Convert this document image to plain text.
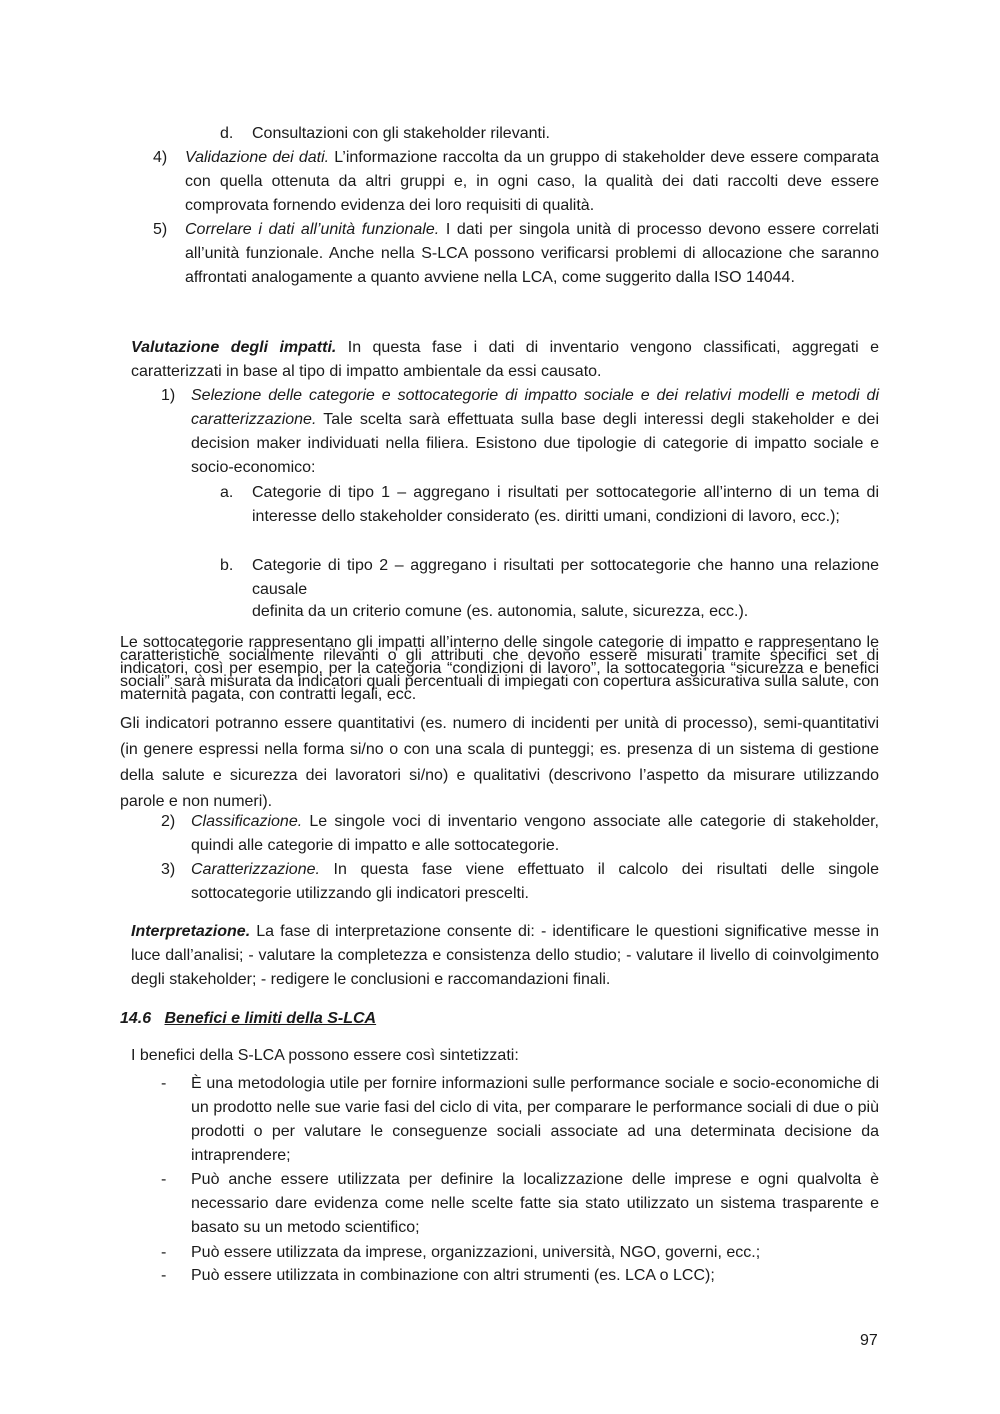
d. Consultazioni con gli stakeholder rilevanti.
4) Validazione dei dati. L’informazione raccolta da un gruppo di stakeholder deve essere comparata con quella ottenuta da altri gruppi e, in ogni caso, la qualità dei dati raccolti deve essere comprovata fornendo evidenza dei loro requisiti di qualità.
5) Correlare i dati all’unità funzionale. I dati per singola unità di processo devono essere correlati all’unità funzionale. Anche nella S-LCA possono verificarsi problemi di allocazione che saranno affrontati analogamente a quanto avviene nella LCA, come suggerito dalla ISO 14044.
Valutazione degli impatti. In questa fase i dati di inventario vengono classificati, aggregati e caratterizzati in base al tipo di impatto ambientale da essi causato.
1) Selezione delle categorie e sottocategorie di impatto sociale e dei relativi modelli e metodi di caratterizzazione. Tale scelta sarà effettuata sulla base degli interessi degli stakeholder e dei decision maker individuati nella filiera. Esistono due tipologie di categorie di impatto sociale e socio-economico:
a. Categorie di tipo 1 – aggregano i risultati per sottocategorie all’interno di un tema di interesse dello stakeholder considerato (es. diritti umani, condizioni di lavoro, ecc.);
b. Categorie di tipo 2 – aggregano i risultati per sottocategorie che hanno una relazione causale
definita da un criterio comune (es. autonomia, salute, sicurezza, ecc.).
Le sottocategorie rappresentano gli impatti all’interno delle singole categorie di impatto e rappresentano le caratteristiche socialmente rilevanti o gli attributi che devono essere misurati tramite specifici set di indicatori, così per esempio, per la categoria “condizioni di lavoro”, la sottocategoria “sicurezza e benefici sociali” sarà misurata da indicatori quali percentuali di impiegati con copertura assicurativa sulla salute, con maternità pagata, con contratti legali, ecc.
Gli indicatori potranno essere quantitativi (es. numero di incidenti per unità di processo), semi-quantitativi (in genere espressi nella forma si/no o con una scala di punteggi; es. presenza di un sistema di gestione della salute e sicurezza dei lavoratori si/no) e qualitativi (descrivono l’aspetto da misurare utilizzando parole e non numeri).
2) Classificazione. Le singole voci di inventario vengono associate alle categorie di stakeholder, quindi alle categorie di impatto e alle sottocategorie.
3) Caratterizzazione. In questa fase viene effettuato il calcolo dei risultati delle singole sottocategorie utilizzando gli indicatori prescelti.
Interpretazione. La fase di interpretazione consente di: - identificare le questioni significative messe in luce dall’analisi; - valutare la completezza e consistenza dello studio; - valutare il livello di coinvolgimento degli stakeholder; - redigere le conclusioni e raccomandazioni finali.
14.6 Benefici e limiti della S-LCA
I benefici della S-LCA possono essere così sintetizzati:
- È una metodologia utile per fornire informazioni sulle performance sociale e socio-economiche di un prodotto nelle sue varie fasi del ciclo di vita, per comparare le performance sociali di due o più prodotti o per valutare le conseguenze sociali associate ad una determinata decisione da intraprendere;
- Può anche essere utilizzata per definire la localizzazione delle imprese e ogni qualvolta è necessario dare evidenza come nelle scelte fatte sia stato utilizzato un sistema trasparente e basato su un metodo scientifico;
- Può essere utilizzata da imprese, organizzazioni, università, NGO, governi, ecc.;
- Può essere utilizzata in combinazione con altri strumenti (es. LCA o LCC);
97
